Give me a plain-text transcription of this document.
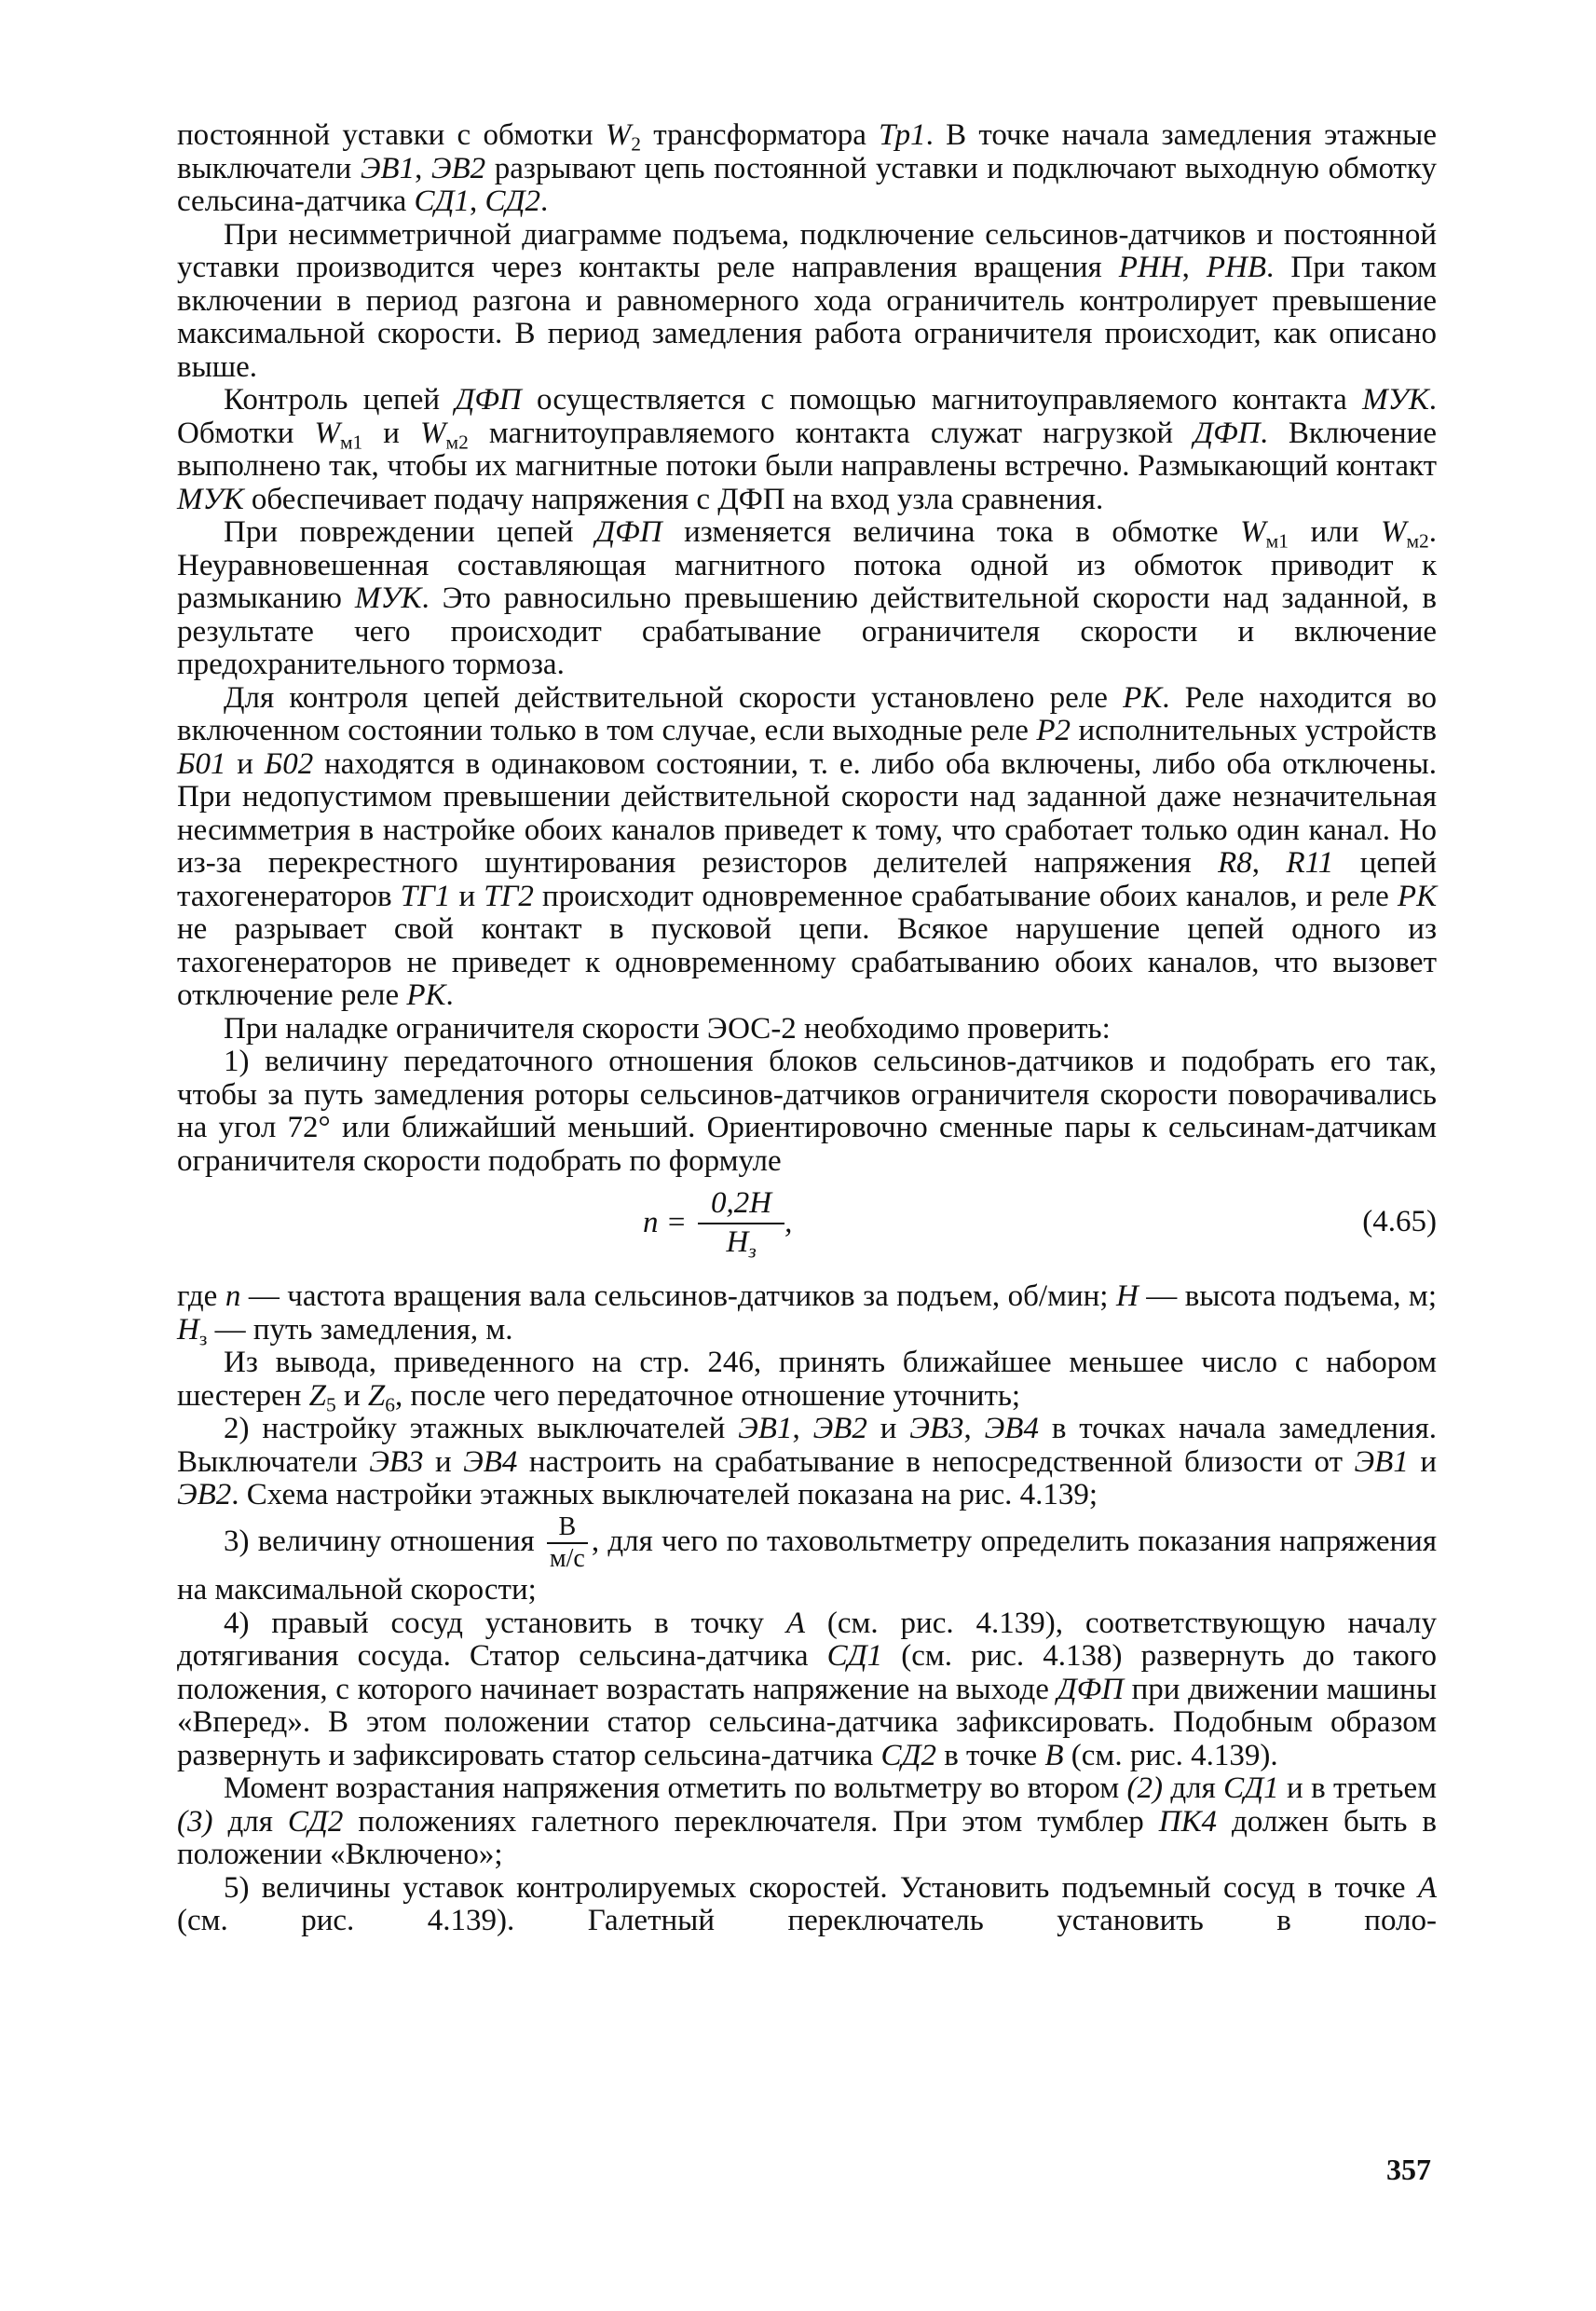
постоянной уставки с обмотки $W_2$ трансформатора Тр1. В точке начала замедления этажные выключатели ЭВ1, ЭВ2 разрывают цепь постоянной уставки и подключают выходную обмотку сельсина-датчика СД1, СД2.

При несимметричной диаграмме подъема, подключение сельсинов-датчиков и постоянной уставки производится через контакты реле направления вращения РНН, РНВ. При таком включении в период разгона и равномерного хода ограничитель контролирует превышение максимальной скорости. В период замедления работа ограничителя происходит, как описано выше.

Контроль цепей ДФП осуществляется с помощью магнитоуправляемого контакта МУК. Обмотки $W_{м1}$ и $W_{м2}$ магнитоуправляемого контакта служат нагрузкой ДФП. Включение выполнено так, чтобы их магнитные потоки были направлены встречно. Размыкающий контакт МУК обеспечивает подачу напряжения с ДФП на вход узла сравнения.

При повреждении цепей ДФП изменяется величина тока в обмотке $W_{м1}$ или $W_{м2}$. Неуравновешенная составляющая магнитного потока одной из обмоток приводит к размыканию МУК. Это равносильно превышению действительной скорости над заданной, в результате чего происходит срабатывание ограничителя скорости и включение предохранительного тормоза.

Для контроля цепей действительной скорости установлено реле РК. Реле находится во включенном состоянии только в том случае, если выходные реле Р2 исполнительных устройств Б01 и Б02 находятся в одинаковом состоянии, т. е. либо оба включены, либо оба отключены. При недопустимом превышении действительной скорости над заданной даже незначительная несимметрия в настройке обоих каналов приведет к тому, что сработает только один канал. Но из-за перекрестного шунтирования резисторов делителей напряжения R8, R11 цепей тахогенераторов ТГ1 и ТГ2 происходит одновременное срабатывание обоих каналов, и реле РК не разрывает свой контакт в пусковой цепи. Всякое нарушение цепей одного из тахогенераторов не приведет к одновременному срабатыванию обоих каналов, что вызовет отключение реле РК.

При наладке ограничителя скорости ЭОС-2 необходимо проверить:

1) величину передаточного отношения блоков сельсинов-датчиков и подобрать его так, чтобы за путь замедления роторы сельсинов-датчиков ограничителя скорости поворачивались на угол 72° или ближайший меньший. Ориентировочно сменные пары к сельсинам-датчикам ограничителя скорости подобрать по формуле

$n = \frac{0,2H}{H_з}$ ,	(4.65)

где n — частота вращения вала сельсинов-датчиков за подъем, об/мин; H — высота подъема, м; $H_з$ — путь замедления, м.

Из вывода, приведенного на стр. 246, принять ближайшее меньшее число с набором шестерен $Z_5$ и $Z_6$, после чего передаточное отношение уточнить;

2) настройку этажных выключателей ЭВ1, ЭВ2 и ЭВ3, ЭВ4 в точках начала замедления. Выключатели ЭВ3 и ЭВ4 настроить на срабатывание в непосредственной близости от ЭВ1 и ЭВ2. Схема настройки этажных выключателей показана на рис. 4.139;

3) величину отношения $\frac{В}{м/с}$ , для чего по таховольтметру определить показания напряжения на максимальной скорости;

4) правый сосуд установить в точку А (см. рис. 4.139), соответствующую началу дотягивания сосуда. Статор сельсина-датчика СД1 (см. рис. 4.138) развернуть до такого положения, с которого начинает возрастать напряжение на выходе ДФП при движении машины «Вперед». В этом положении статор сельсина-датчика зафиксировать. Подобным образом развернуть и зафиксировать статор сельсина-датчика СД2 в точке В (см. рис. 4.139).

Момент возрастания напряжения отметить по вольтметру во втором (2) для СД1 и в третьем (3) для СД2 положениях галетного переключателя. При этом тумблер ПК4 должен быть в положении «Включено»;

5) величины уставок контролируемых скоростей. Установить подъемный сосуд в точке А (см. рис. 4.139). Галетный переключатель установить в поло-

357
